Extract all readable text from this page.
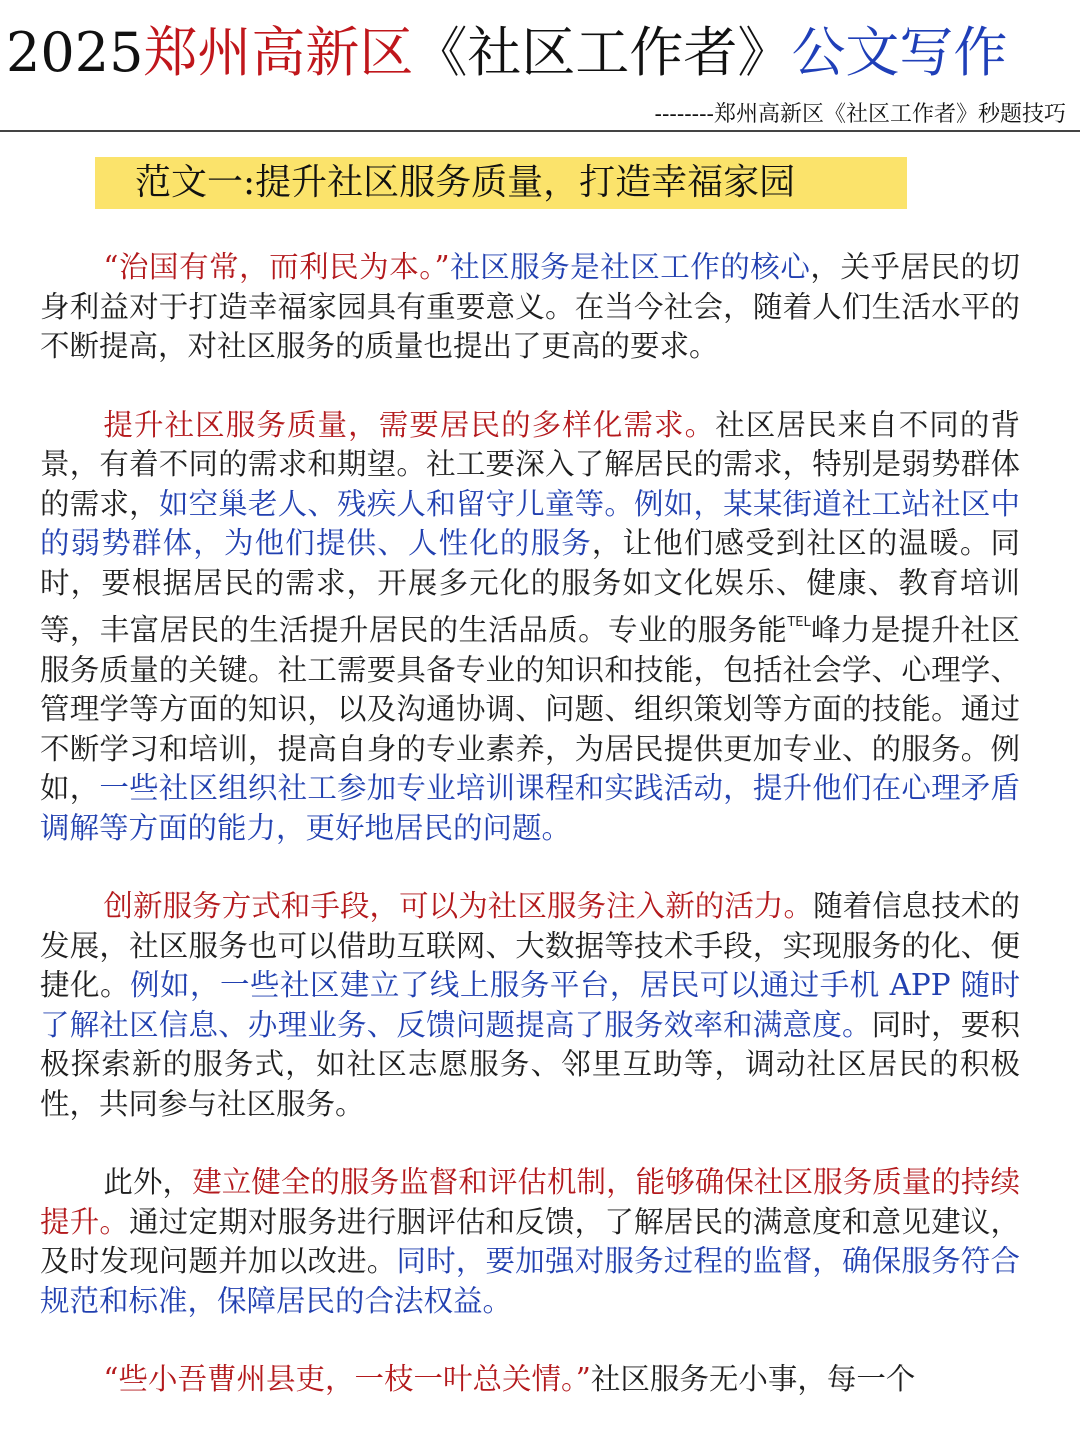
2025郑州高新区《社区工作者》公文写作
--------郑州高新区《社区工作者》秒题技巧
范文一:提升社区服务质量，打造幸福家园

“治国有常，而利民为本。”社区服务是社区工作的核心，关乎居民的切身利益对于打造幸福家园具有重要意义。在当今社会，随着人们生活水平的不断提高，对社区服务的质量也提出了更高的要求。

提升社区服务质量，需要居民的多样化需求。社区居民来自不同的背景，有着不同的需求和期望。社工要深入了解居民的需求，特别是弱势群体的需求，如空巢老人、残疾人和留守儿童等。例如，某某街道社工站社区中的弱势群体，为他们提供、人性化的服务，让他们感受到社区的温暖。同时，要根据居民的需求，开展多元化的服务如文化娱乐、健康、教育培训等，丰富居民的生活提升居民的生活品质。专业的服务能$^{TEL}$峰力是提升社区服务质量的关键。社工需要具备专业的知识和技能，包括社会学、心理学、管理学等方面的知识，以及沟通协调、问题、组织策划等方面的技能。通过不断学习和培训，提高自身的专业素养，为居民提供更加专业、的服务。例如，一些社区组织社工参加专业培训课程和实践活动，提升他们在心理矛盾调解等方面的能力，更好地居民的问题。

创新服务方式和手段，可以为社区服务注入新的活力。随着信息技术的发展，社区服务也可以借助互联网、大数据等技术手段，实现服务的化、便捷化。例如，一些社区建立了线上服务平台，居民可以通过手机 APP 随时了解社区信息、办理业务、反馈问题提高了服务效率和满意度。同时，要积极探索新的服务式，如社区志愿服务、邻里互助等，调动社区居民的积极性，共同参与社区服务。

此外，建立健全的服务监督和评估机制，能够确保社区服务质量的持续提升。通过定期对服务进行胭评估和反馈，了解居民的满意度和意见建议，及时发现问题并加以改进。同时，要加强对服务过程的监督，确保服务符合规范和标准，保障居民的合法权益。

“些小吾曹州县吏，一枝一叶总关情。”社区服务无小事，每一个
